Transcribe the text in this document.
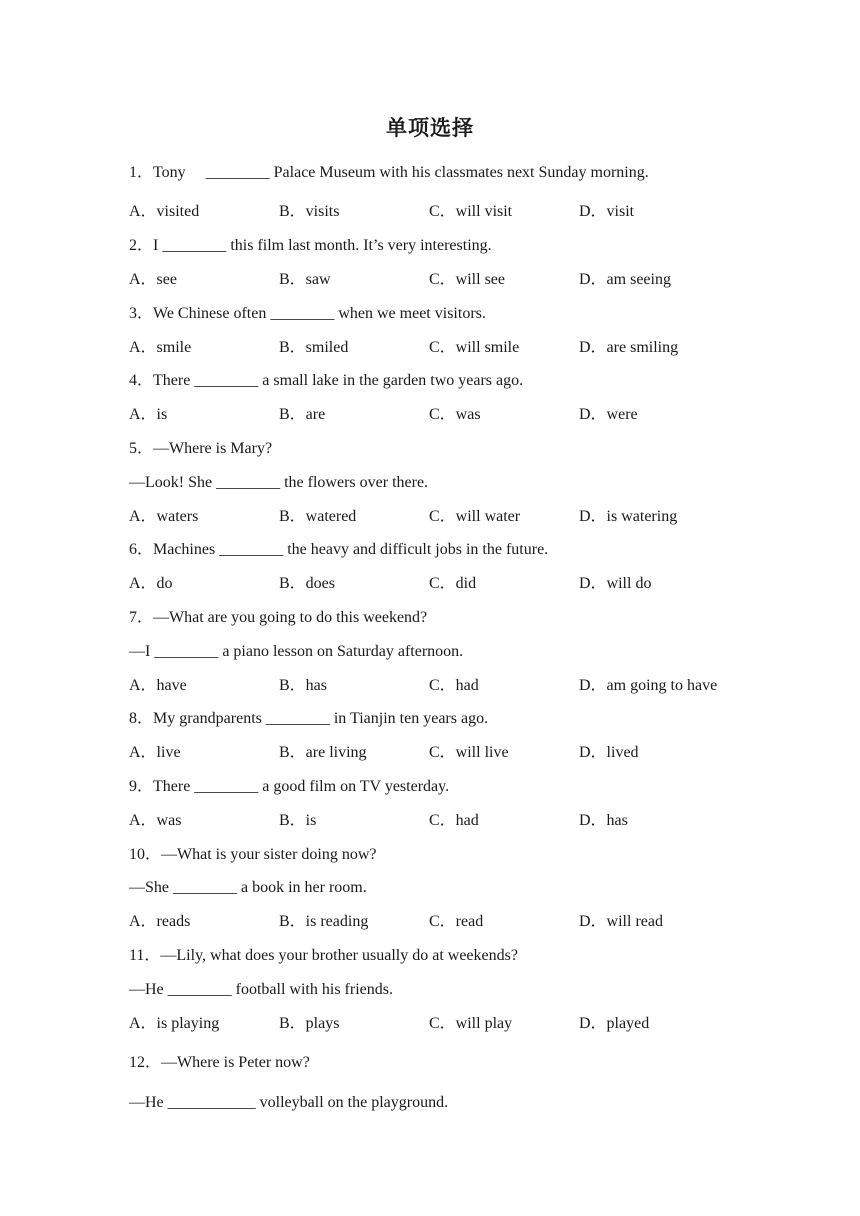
单项选择
1．Tony     ________ Palace Museum with his classmates next Sunday morning.
A．visited	B．visits	C．will visit	D．visit
2．I ________ this film last month. It’s very interesting.
A．see	B．saw	C．will see	D．am seeing
3．We Chinese often ________ when we meet visitors.
A．smile	B．smiled	C．will smile	D．are smiling
4．There ________ a small lake in the garden two years ago.
A．is	B．are	C．was	D．were
5．—Where is Mary?
—Look! She ________ the flowers over there.
A．waters	B．watered	C．will water	D．is watering
6．Machines ________ the heavy and difficult jobs in the future.
A．do	B．does	C．did	D．will do
7．—What are you going to do this weekend?
—I ________ a piano lesson on Saturday afternoon.
A．have	B．has	C．had	D．am going to have
8．My grandparents ________ in Tianjin ten years ago.
A．live	B．are living	C．will live	D．lived
9．There ________ a good film on TV yesterday.
A．was	B．is	C．had	D．has
10．—What is your sister doing now?
—She ________ a book in her room.
A．reads	B．is reading	C．read	D．will read
11．—Lily, what does your brother usually do at weekends?
—He ________ football with his friends.
A．is playing	B．plays	C．will play	D．played
12．—Where is Peter now?
—He ___________ volleyball on the playground.
